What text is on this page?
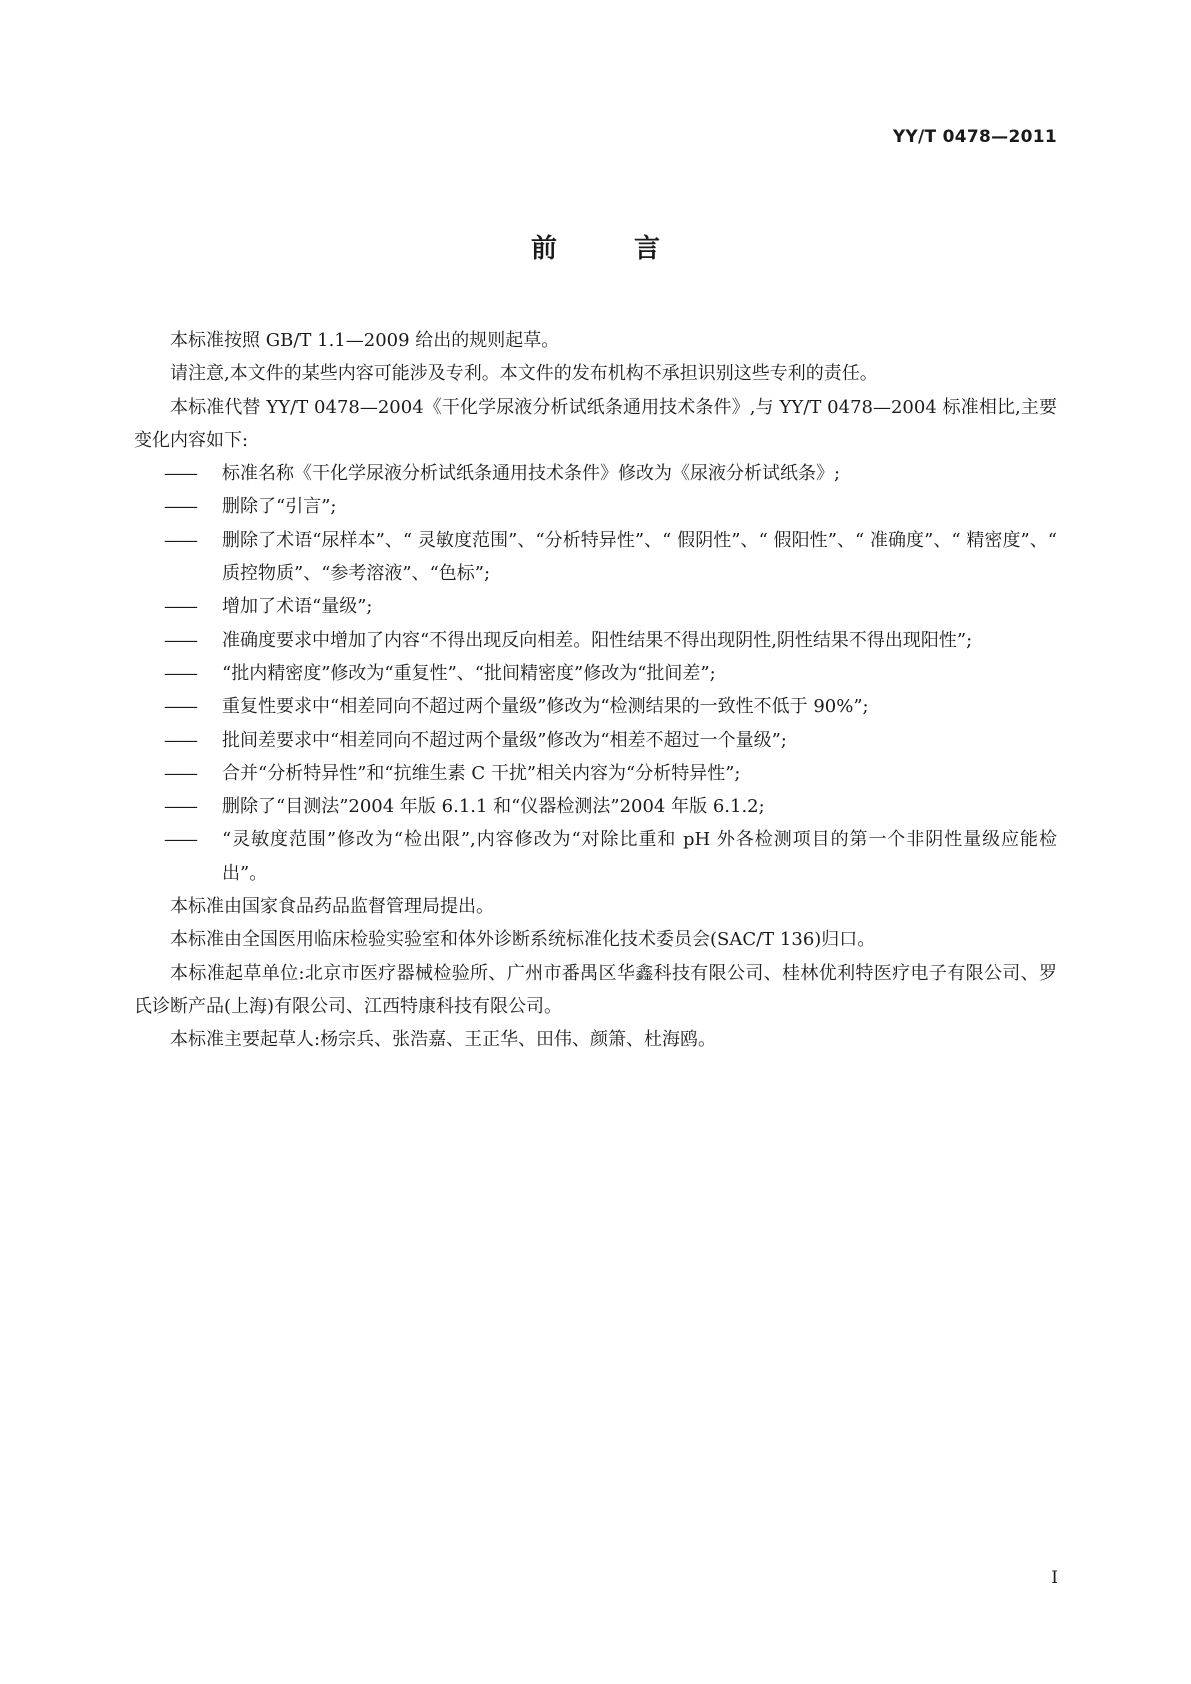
YY/T 0478—2011
前 言

本标准按照 GB/T 1.1—2009 给出的规则起草。

请注意,本文件的某些内容可能涉及专利。本文件的发布机构不承担识别这些专利的责任。

本标准代替 YY/T 0478—2004《干化学尿液分析试纸条通用技术条件》,与 YY/T 0478—2004 标准相比,主要变化内容如下:

—— 标准名称《干化学尿液分析试纸条通用技术条件》修改为《尿液分析试纸条》;

—— 删除了“引言”;

—— 删除了术语“尿样本”、“ 灵敏度范围”、“分析特异性”、“ 假阴性”、“ 假阳性”、“ 准确度”、“ 精密度”、“ 质控物质”、“参考溶液”、“色标”;

—— 增加了术语“量级”;

—— 准确度要求中增加了内容“不得出现反向相差。阳性结果不得出现阴性,阴性结果不得出现阳性”;

—— “批内精密度”修改为“重复性”、“批间精密度”修改为“批间差”;

—— 重复性要求中“相差同向不超过两个量级”修改为“检测结果的一致性不低于 90%”;

—— 批间差要求中“相差同向不超过两个量级”修改为“相差不超过一个量级”;

—— 合并“分析特异性”和“抗维生素 C 干扰”相关内容为“分析特异性”;

—— 删除了“目测法”2004 年版 6.1.1 和“仪器检测法”2004 年版 6.1.2;

—— “灵敏度范围”修改为“检出限”,内容修改为“对除比重和 pH 外各检测项目的第一个非阴性量级应能检出”。

本标准由国家食品药品监督管理局提出。

本标准由全国医用临床检验实验室和体外诊断系统标准化技术委员会(SAC/T 136)归口。

本标准起草单位:北京市医疗器械检验所、广州市番禺区华鑫科技有限公司、桂林优利特医疗电子有限公司、罗氏诊断产品(上海)有限公司、江西特康科技有限公司。

本标准主要起草人:杨宗兵、张浩嘉、王正华、田伟、颜箫、杜海鸥。

I
